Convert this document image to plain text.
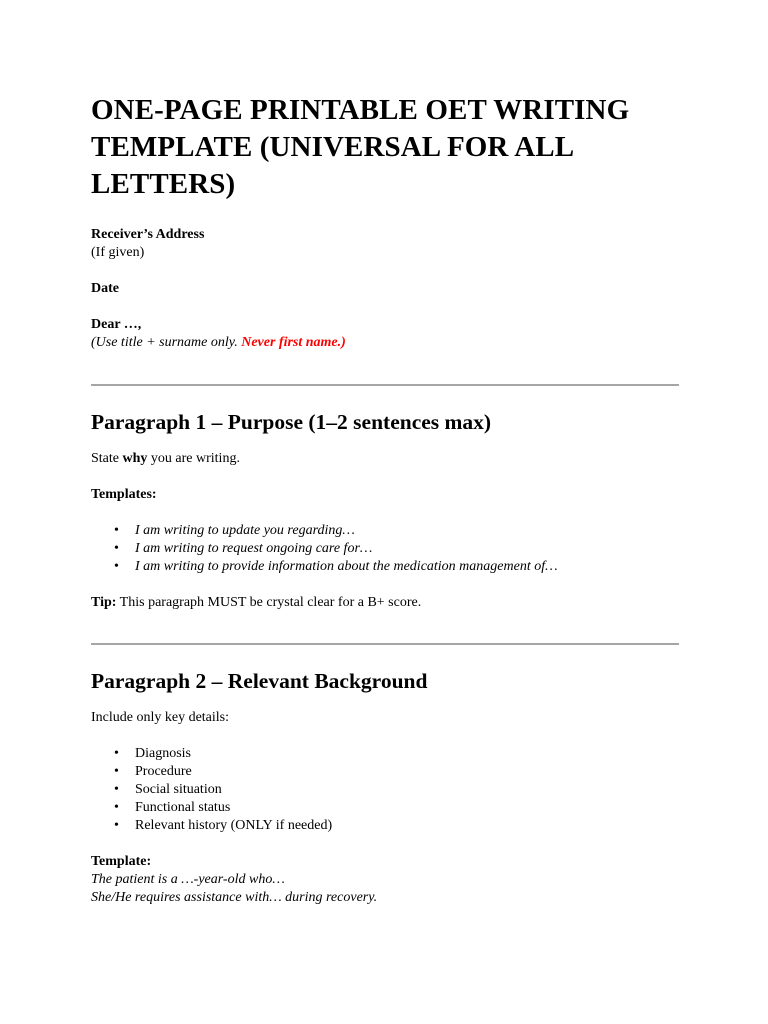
ONE-PAGE PRINTABLE OET WRITING TEMPLATE (UNIVERSAL FOR ALL LETTERS)
Receiver’s Address
(If given)
Date
Dear …,
(Use title + surname only. Never first name.)
Paragraph 1 – Purpose (1–2 sentences max)
State why you are writing.
Templates:
• I am writing to update you regarding…
• I am writing to request ongoing care for…
• I am writing to provide information about the medication management of…
Tip: This paragraph MUST be crystal clear for a B+ score.
Paragraph 2 – Relevant Background
Include only key details:
• Diagnosis
• Procedure
• Social situation
• Functional status
• Relevant history (ONLY if needed)
Template:
The patient is a …-year-old who…
She/He requires assistance with… during recovery.
